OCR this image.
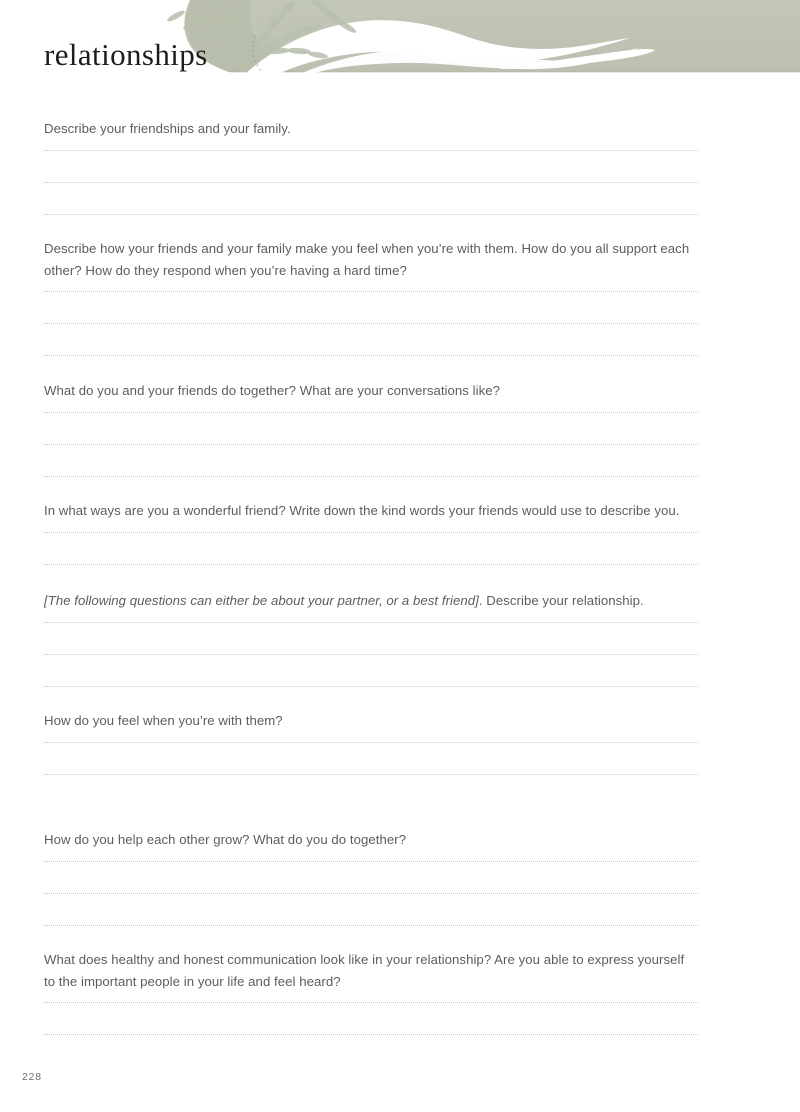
relationships

Describe your friendships and your family.

Describe how your friends and your family make you feel when you’re with them. How do you all support each other? How do they respond when you’re having a hard time?

What do you and your friends do together? What are your conversations like?

In what ways are you a wonderful friend? Write down the kind words your friends would use to describe you.

[The following questions can either be about your partner, or a best friend]. Describe your relationship.

How do you feel when you’re with them?

How do you help each other grow? What do you do together?

What does healthy and honest communication look like in your relationship? Are you able to express yourself to the important people in your life and feel heard?

228
